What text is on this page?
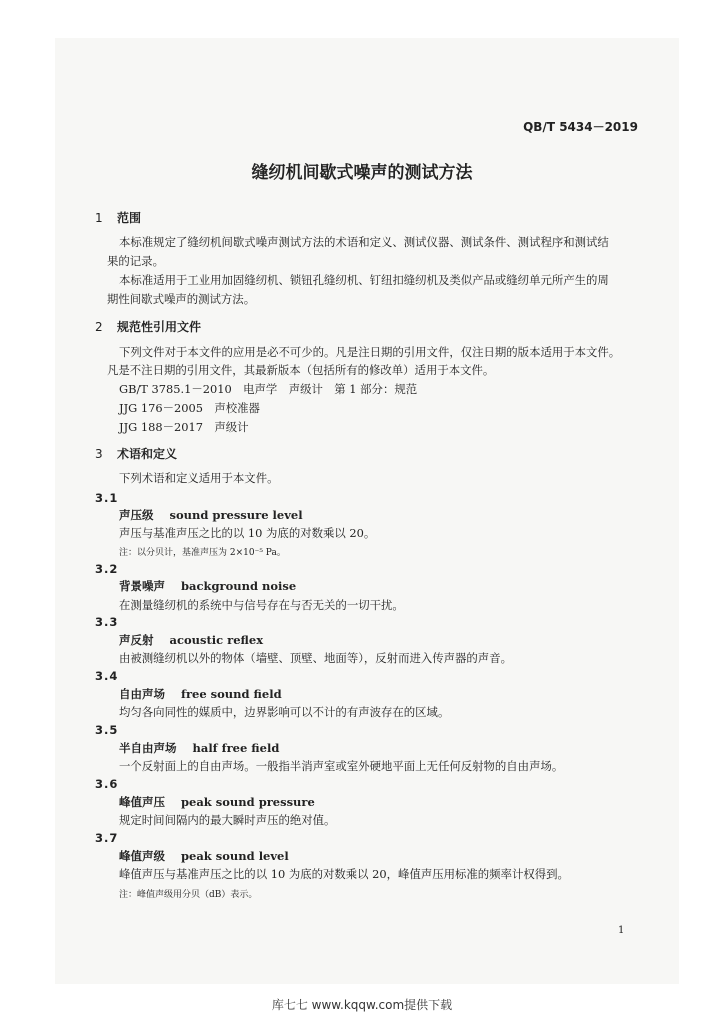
QB/T 5434－2019
缝纫机间歇式噪声的测试方法
1 范围
本标准规定了缝纫机间歇式噪声测试方法的术语和定义、测试仪器、测试条件、测试程序和测试结
果的记录。
本标准适用于工业用加固缝纫机、锁钮孔缝纫机、钉纽扣缝纫机及类似产品或缝纫单元所产生的周
期性间歇式噪声的测试方法。
2 规范性引用文件
下列文件对于本文件的应用是必不可少的。凡是注日期的引用文件，仅注日期的版本适用于本文件。
凡是不注日期的引用文件，其最新版本（包括所有的修改单）适用于本文件。
GB/T 3785.1－2010　电声学　声级计　第 1 部分：规范
JJG 176－2005　声校准器
JJG 188－2017　声级计
3 术语和定义
下列术语和定义适用于本文件。
3.1
声压级 sound pressure level
声压与基准声压之比的以 10 为底的对数乘以 20。
注：以分贝计，基准声压为 2×10⁻⁵ Pa。
3.2
背景噪声 background noise
在测量缝纫机的系统中与信号存在与否无关的一切干扰。
3.3
声反射 acoustic reflex
由被测缝纫机以外的物体（墙壁、顶壁、地面等），反射而进入传声器的声音。
3.4
自由声场 free sound field
均匀各向同性的媒质中，边界影响可以不计的有声波存在的区域。
3.5
半自由声场 half free field
一个反射面上的自由声场。一般指半消声室或室外硬地平面上无任何反射物的自由声场。
3.6
峰值声压 peak sound pressure
规定时间间隔内的最大瞬时声压的绝对值。
3.7
峰值声级 peak sound level
峰值声压与基准声压之比的以 10 为底的对数乘以 20，峰值声压用标准的频率计权得到。
注：峰值声级用分贝（dB）表示。
1
库七七 www.kqqw.com提供下载
